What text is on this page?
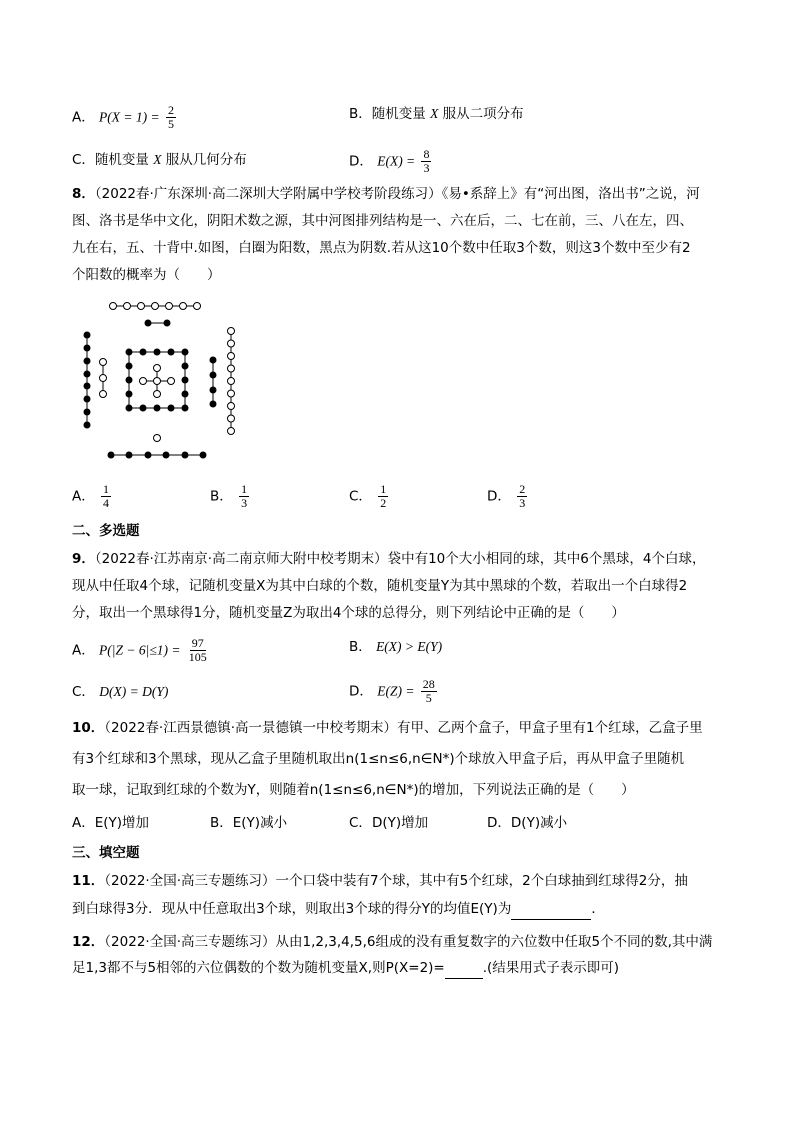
A． $P(X = 1) = \frac{2}{5}$	B．随机变量 X 服从二项分布
C．随机变量 X 服从几何分布	D． $E(X) = \frac{8}{3}$
8．（2022春·广东深圳·高二深圳大学附属中学校考阶段练习）《易•系辞上》有“河出图，洛出书”之说，河
图、洛书是华中文化，阴阳术数之源，其中河图排列结构是一、六在后，二、七在前，三、八在左，四、
九在右，五、十背中.如图，白圈为阳数，黑点为阴数.若从这10个数中任取3个数，则这3个数中至少有2
个阳数的概率为（　　）
A． $\frac{1}{4}$	B． $\frac{1}{3}$	C． $\frac{1}{2}$	D． $\frac{2}{3}$
二、多选题
9．（2022春·江苏南京·高二南京师大附中校考期末）袋中有10个大小相同的球，其中6个黑球，4个白球，
现从中任取4个球，记随机变量X为其中白球的个数，随机变量Y为其中黑球的个数，若取出一个白球得2
分，取出一个黑球得1分，随机变量Z为取出4个球的总得分，则下列结论中正确的是（　　）
A． $P(|Z - 6|\le 1) = \frac{97}{105}$	B． E(X) > E(Y)
C． D(X) = D(Y)	D． $E(Z) = \frac{28}{5}$
10．（2022春·江西景德镇·高一景德镇一中校考期末）有甲、乙两个盒子，甲盒子里有1个红球，乙盒子里
有3个红球和3个黑球，现从乙盒子里随机取出n(1≤n≤6,n∈N*)个球放入甲盒子后，再从甲盒子里随机
取一球，记取到红球的个数为Y，则随着n(1≤n≤6,n∈N*)的增加，下列说法正确的是（　　）
A．E(Y)增加	B．E(Y)减小	C．D(Y)增加	D．D(Y)减小
三、填空题
11．（2022·全国·高三专题练习）一个口袋中装有7个球，其中有5个红球，2个白球抽到红球得2分，抽
到白球得3分．现从中任意取出3个球，则取出3个球的得分Y的均值E(Y)为	．
12．（2022·全国·高三专题练习）从由1,2,3,4,5,6组成的没有重复数字的六位数中任取5个不同的数,其中满
足1,3都不与5相邻的六位偶数的个数为随机变量X,则P(X=2)=	.(结果用式子表示即可)
